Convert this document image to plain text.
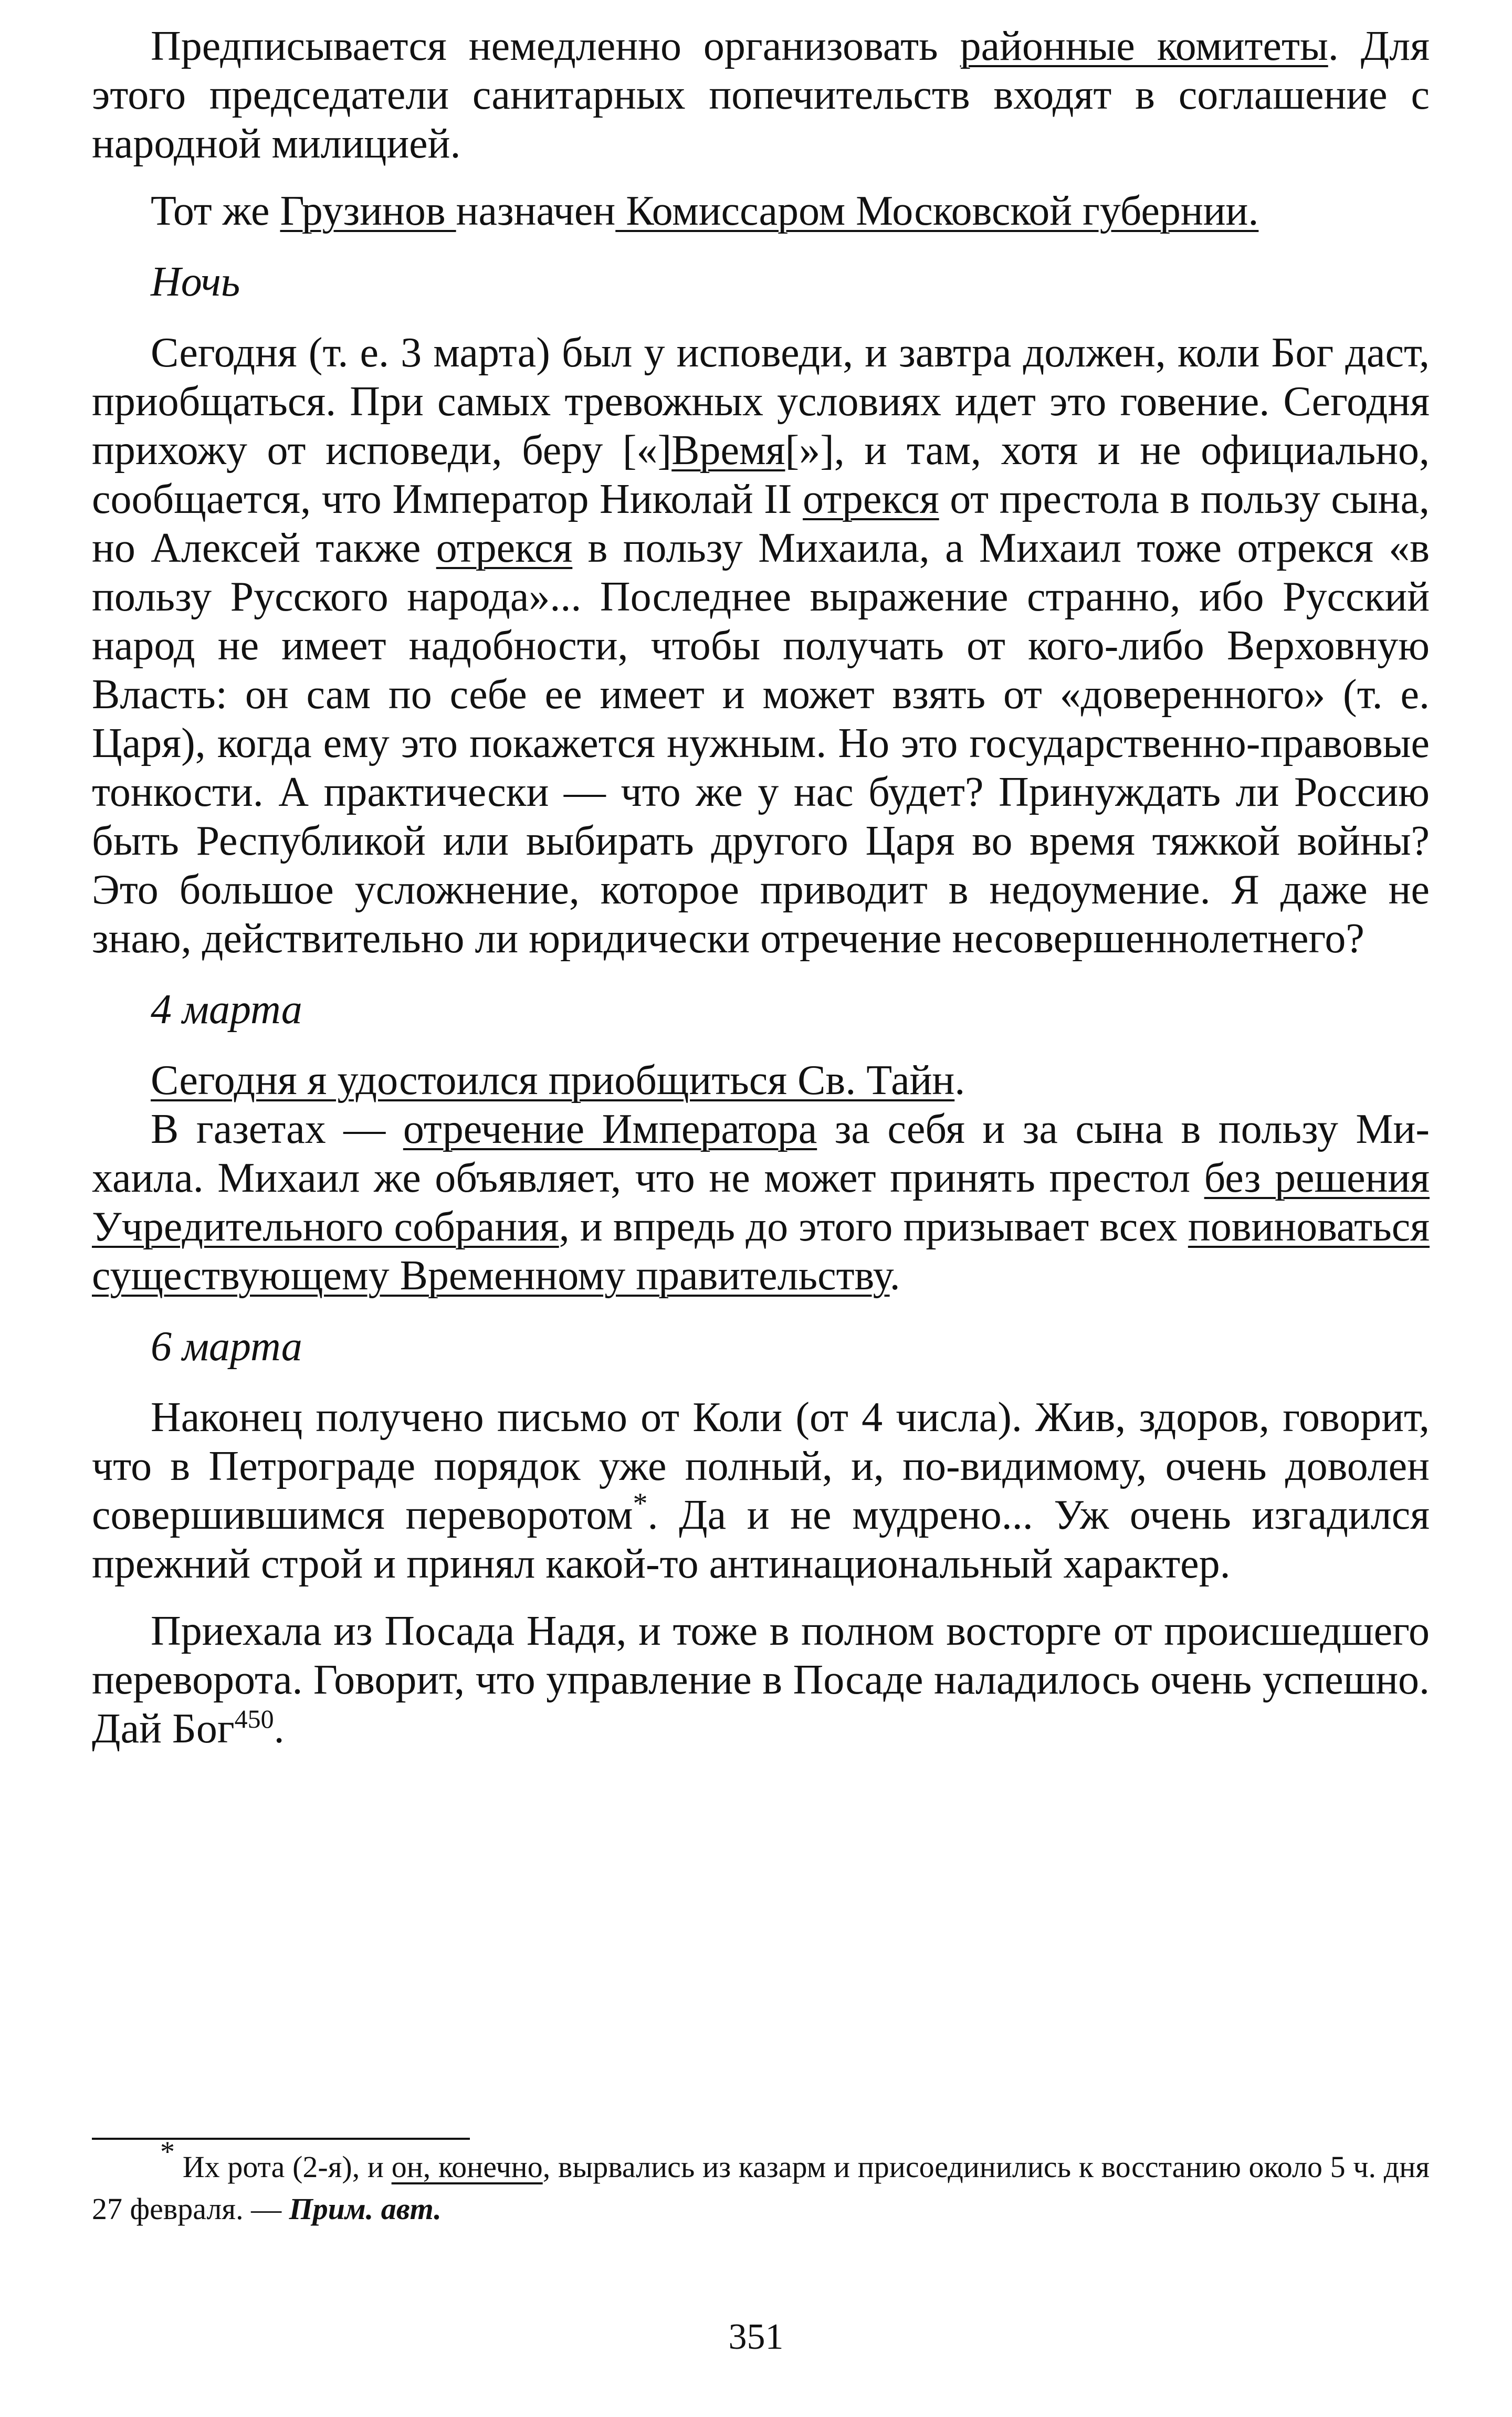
Предписывается немедленно организовать районные комитеты. Для этого председатели санитарных попечительств входят в соглашение с народной милицией.

Тот же Грузинов назначен Комиссаром Московской губернии.

Ночь

Сегодня (т. е. 3 марта) был у исповеди, и завтра должен, коли Бог даст, приобщаться. При самых тревожных условиях идет это говение. Сегодня прихожу от исповеди, беру [«]Время[»], и там, хотя и не официально, сообщается, что Император Николай II отрекся от престола в пользу сына, но Алексей также отрекся в пользу Михаила, а Михаил тоже отрекся «в пользу Русского народа»... Последнее выражение странно, ибо Русский народ не имеет надобности, чтобы получать от кого-либо Верховную Власть: он сам по себе ее имеет и может взять от «доверенного» (т. е. Царя), когда ему это покажется нужным. Но это государственно-правовые тонкости. А практически — что же у нас будет? Принуждать ли Россию быть Республикой или выбирать другого Царя во время тяжкой войны? Это большое усложнение, которое приводит в недоумение. Я даже не знаю, действительно ли юридически отречение несовершеннолетнего?

4 марта

Сегодня я удостоился приобщиться Св. Тайн.

В газетах — отречение Императора за себя и за сына в пользу Михаила. Михаил же объявляет, что не может принять престол без решения Учредительного собрания, и впредь до этого призывает всех повиноваться существующему Временному правительству.

6 марта

Наконец получено письмо от Коли (от 4 числа). Жив, здоров, говорит, что в Петрограде порядок уже полный, и, по-видимому, очень доволен совершившимся переворотом*. Да и не мудрено... Уж очень изгадился прежний строй и принял какой-то антинациональный характер.

Приехала из Посада Надя, и тоже в полном восторге от происшедшего переворота. Говорит, что управление в Посаде наладилось очень успешно. Дай Бог$^{450}$.

* Их рота (2-я), и он, конечно, вырвались из казарм и присоединились к восстанию около 5 ч. дня 27 февраля. — Прим. авт.

351
